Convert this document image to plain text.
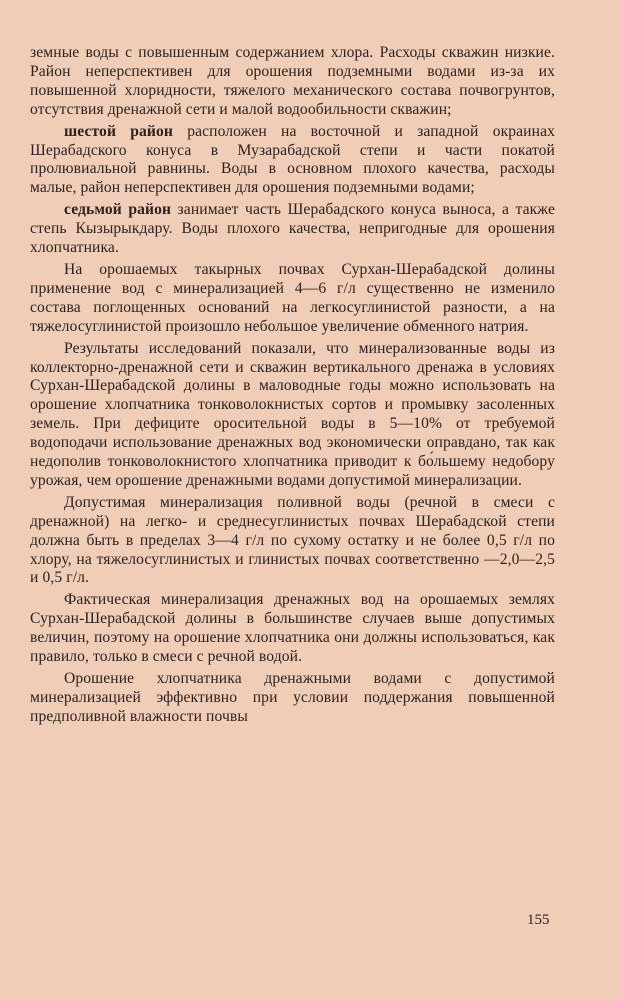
земные воды с повышенным содержанием хлора. Расходы скважин низкие. Район неперспективен для орошения подземными водами из-за их повышенной хлоридности, тяжелого механического состава почвогрунтов, отсутствия дренажной сети и малой водообильности скважин;

шестой район расположен на восточной и западной окраинах Шерабадского конуса в Музарабадской степи и части покатой пролювиальной равнины. Воды в основном плохого качества, расходы малые, район неперспективен для орошения подземными водами;

седьмой район занимает часть Шерабадского конуса выноса, а также степь Кызырыкдару. Воды плохого качества, непригодные для орошения хлопчатника.

На орошаемых такырных почвах Сурхан-Шерабадской долины применение вод с минерализацией 4—6 г/л существенно не изменило состава поглощенных оснований на легкосуглинистой разности, а на тяжелосуглинистой произошло небольшое увеличение обменного натрия.

Результаты исследований показали, что минерализованные воды из коллекторно-дренажной сети и скважин вертикального дренажа в условиях Сурхан-Шерабадской долины в маловодные годы можно использовать на орошение хлопчатника тонковолокнистых сортов и промывку засоленных земель. При дефиците оросительной воды в 5—10% от требуемой водоподачи использование дренажных вод экономически оправдано, так как недополив тонковолокнистого хлопчатника приводит к бо́льшему недобору урожая, чем орошение дренажными водами допустимой минерализации.

Допустимая минерализация поливной воды (речной в смеси с дренажной) на легко- и среднесуглинистых почвах Шерабадской степи должна быть в пределах 3—4 г/л по сухому остатку и не более 0,5 г/л по хлору, на тяжелосуглинистых и глинистых почвах соответственно —2,0—2,5 и 0,5 г/л.

Фактическая минерализация дренажных вод на орошаемых землях Сурхан-Шерабадской долины в большинстве случаев выше допустимых величин, поэтому на орошение хлопчатника они должны использоваться, как правило, только в смеси с речной водой.

Орошение хлопчатника дренажными водами с допустимой минерализацией эффективно при условии поддержания повышенной предполивной влажности почвы

155
